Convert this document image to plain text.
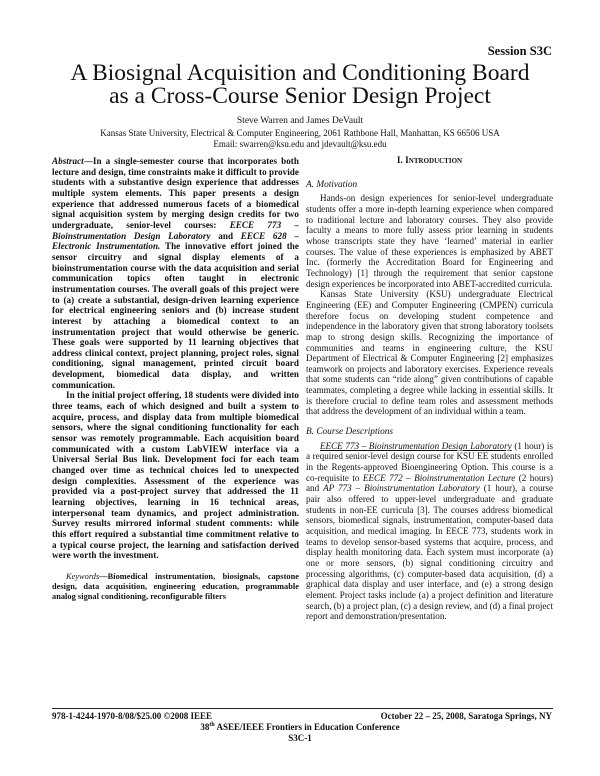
Session S3C
A Biosignal Acquisition and Conditioning Board
as a Cross-Course Senior Design Project
Steve Warren and James DeVault
Kansas State University, Electrical & Computer Engineering, 2061 Rathbone Hall, Manhattan, KS 66506 USA
Email: swarren@ksu.edu and jdevault@ksu.edu

Abstract—In a single-semester course that incorporates both lecture and design, time constraints make it difficult to provide students with a substantive design experience that addresses multiple system elements. This paper presents a design experience that addressed numerous facets of a biomedical signal acquisition system by merging design credits for two undergraduate, senior-level courses: EECE 773 – Bioinstrumentation Design Laboratory and EECE 628 – Electronic Instrumentation. The innovative effort joined the sensor circuitry and signal display elements of a bioinstrumentation course with the data acquisition and serial communication topics often taught in electronic instrumentation courses. The overall goals of this project were to (a) create a substantial, design-driven learning experience for electrical engineering seniors and (b) increase student interest by attaching a biomedical context to an instrumentation project that would otherwise be generic. These goals were supported by 11 learning objectives that address clinical context, project planning, project roles, signal conditioning, signal management, printed circuit board development, biomedical data display, and written communication.

In the initial project offering, 18 students were divided into three teams, each of which designed and built a system to acquire, process, and display data from multiple biomedical sensors, where the signal conditioning functionality for each sensor was remotely programmable. Each acquisition board communicated with a custom LabVIEW interface via a Universal Serial Bus link. Development foci for each team changed over time as technical choices led to unexpected design complexities. Assessment of the experience was provided via a post-project survey that addressed the 11 learning objectives, learning in 16 technical areas, interpersonal team dynamics, and project administration. Survey results mirrored informal student comments: while this effort required a substantial time commitment relative to a typical course project, the learning and satisfaction derived were worth the investment.

Keywords—Biomedical instrumentation, biosignals, capstone design, data acquisition, engineering education, programmable analog signal conditioning, reconfigurable filters

I. Introduction
A. Motivation

Hands-on design experiences for senior-level undergraduate students offer a more in-depth learning experience when compared to traditional lecture and laboratory courses. They also provide faculty a means to more fully assess prior learning in students whose transcripts state they have ‘learned’ material in earlier courses. The value of these experiences is emphasized by ABET Inc. (formerly the Accreditation Board for Engineering and Technology) [1] through the requirement that senior capstone design experiences be incorporated into ABET-accredited curricula.

Kansas State University (KSU) undergraduate Electrical Engineering (EE) and Computer Engineering (CMPEN) curricula therefore focus on developing student competence and independence in the laboratory given that strong laboratory toolsets map to strong design skills. Recognizing the importance of communities and teams in engineering culture, the KSU Department of Electrical & Computer Engineering [2] emphasizes teamwork on projects and laboratory exercises. Experience reveals that some students can “ride along” given contributions of capable teammates, completing a degree while lacking in essential skills. It is therefore crucial to define team roles and assessment methods that address the development of an individual within a team.

B. Course Descriptions

EECE 773 – Bioinstrumentation Design Laboratory (1 hour) is a required senior-level design course for KSU EE students enrolled in the Regents-approved Bioengineering Option. This course is a co-requisite to EECE 772 – Bioinstrumentation Lecture (2 hours) and AP 773 – Bioinstrumentation Laboratory (1 hour), a course pair also offered to upper-level undergraduate and graduate students in non-EE curricula [3]. The courses address biomedical sensors, biomedical signals, instrumentation, computer-based data acquisition, and medical imaging. In EECE 773, students work in teams to develop sensor-based systems that acquire, process, and display health monitoring data. Each system must incorporate (a) one or more sensors, (b) signal conditioning circuitry and processing algorithms, (c) computer-based data acquisition, (d) a graphical data display and user interface, and (e) a strong design element. Project tasks include (a) a project definition and literature search, (b) a project plan, (c) a design review, and (d) a final project report and demonstration/presentation.

978-1-4244-1970-8/08/$25.00 ©2008 IEEE	October 22 – 25, 2008, Saratoga Springs, NY
38th ASEE/IEEE Frontiers in Education Conference
S3C-1
